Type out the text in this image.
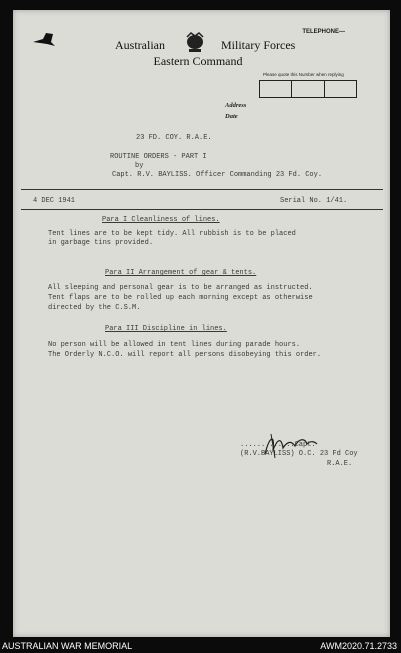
TELEPHONE—
Australian	Military Forces
Eastern Command
Please quote this Number when replying
Address
Date
23 FD. COY. R.A.E.
ROUTINE ORDERS - PART I
by
Capt. R.V. BAYLISS. Officer Commanding 23 Fd. Coy.
4 DEC 1941	Serial No. 1/41.
Para I Cleanliness of lines.
Tent lines are to be kept tidy. All rubbish is to be placed
in garbage tins provided.
Para II Arrangement of gear & tents.
All sleeping and personal gear is to be arranged as instructed.
Tent flaps are to be rolled up each morning except as otherwise
directed by the C.S.M.
Para III Discipline in lines.
No person will be allowed in tent lines during parade hours.
The Orderly N.C.O. will report all persons disobeying this order.
.............Capt.
(R.V.BAYLISS) O.C. 23 Fd Coy
R.A.E.
AUSTRALIAN WAR MEMORIAL	AWM2020.71.2733
